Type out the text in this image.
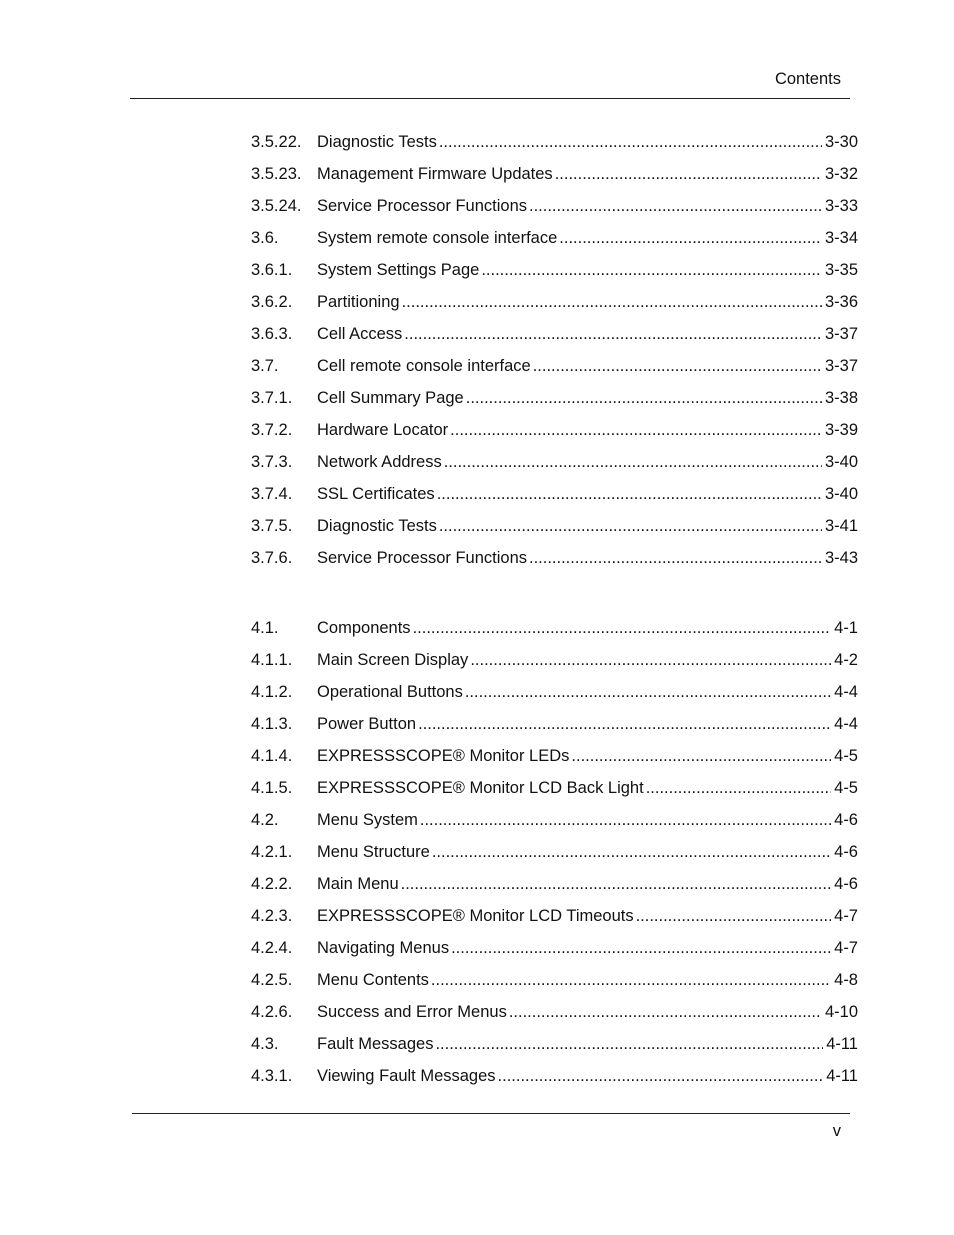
Contents
3.5.22. Diagnostic Tests .....	3-30
3.5.23. Management Firmware Updates .....	3-32
3.5.24. Service Processor Functions .....	3-33
3.6.	System remote console interface .....	3-34
3.6.1.	System Settings Page .....	3-35
3.6.2.	Partitioning .....	3-36
3.6.3.	Cell Access .....	3-37
3.7.	Cell remote console interface .....	3-37
3.7.1.	Cell Summary Page .....	3-38
3.7.2.	Hardware Locator .....	3-39
3.7.3.	Network Address .....	3-40
3.7.4.	SSL Certificates .....	3-40
3.7.5.	Diagnostic Tests .....	3-41
3.7.6.	Service Processor Functions .....	3-43
4.1.	Components .....	4-1
4.1.1.	Main Screen Display .....	4-2
4.1.2.	Operational Buttons .....	4-4
4.1.3.	Power Button .....	4-4
4.1.4.	EXPRESSSCOPE® Monitor LEDs .....	4-5
4.1.5.	EXPRESSSCOPE® Monitor LCD Back Light .....	4-5
4.2.	Menu System .....	4-6
4.2.1.	Menu Structure .....	4-6
4.2.2.	Main Menu .....	4-6
4.2.3.	EXPRESSSCOPE® Monitor LCD Timeouts .....	4-7
4.2.4.	Navigating Menus .....	4-7
4.2.5.	Menu Contents .....	4-8
4.2.6.	Success and Error Menus .....	4-10
4.3.	Fault Messages .....	4-11
4.3.1.	Viewing Fault Messages .....	4-11
v
